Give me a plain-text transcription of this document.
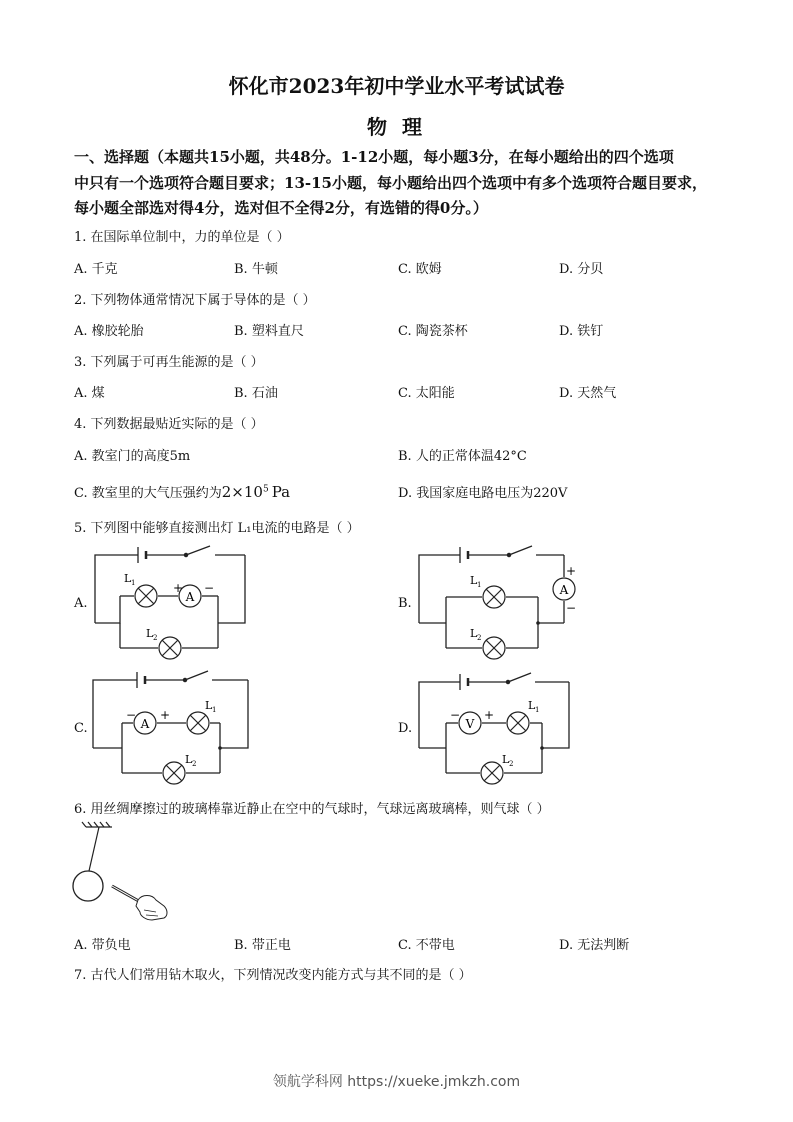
怀化市2023年初中学业水平考试试卷
物 理
一、选择题（本题共15小题，共48分。1-12小题，每小题3分，在每小题给出的四个选项
中只有一个选项符合题目要求；13-15小题，每小题给出四个选项中有多个选项符合题目要求，
每小题全部选对得4分，选对但不全得2分，有选错的得0分。）
1. 在国际单位制中，力的单位是（ ）
A. 千克	B. 牛顿	C. 欧姆	D. 分贝
2. 下列物体通常情况下属于导体的是（ ）
A. 橡胶轮胎	B. 塑料直尺	C. 陶瓷茶杯	D. 铁钉
3. 下列属于可再生能源的是（ ）
A. 煤	B. 石油	C. 太阳能	D. 天然气
4. 下列数据最贴近实际的是（ ）
A. 教室门的高度5m	B. 人的正常体温42°C
C. 教室里的大气压强约为$2\times 10^5$ Pa	D. 我国家庭电路电压为220V
5. 下列图中能够直接测出灯 L₁电流的电路是（ ）
A.	B.
C.	D.
A
+ −
L 1
L 2
A
+
−
L 1
L 2
A
− +
L 1
L 2
V
− +
L 1
L 2
6. 用丝绸摩擦过的玻璃棒靠近静止在空中的气球时，气球远离玻璃棒，则气球（ ）
A. 带负电	B. 带正电	C. 不带电	D. 无法判断
7. 古代人们常用钻木取火，下列情况改变内能方式与其不同的是（ ）
领航学科网 https://xueke.jmkzh.com
